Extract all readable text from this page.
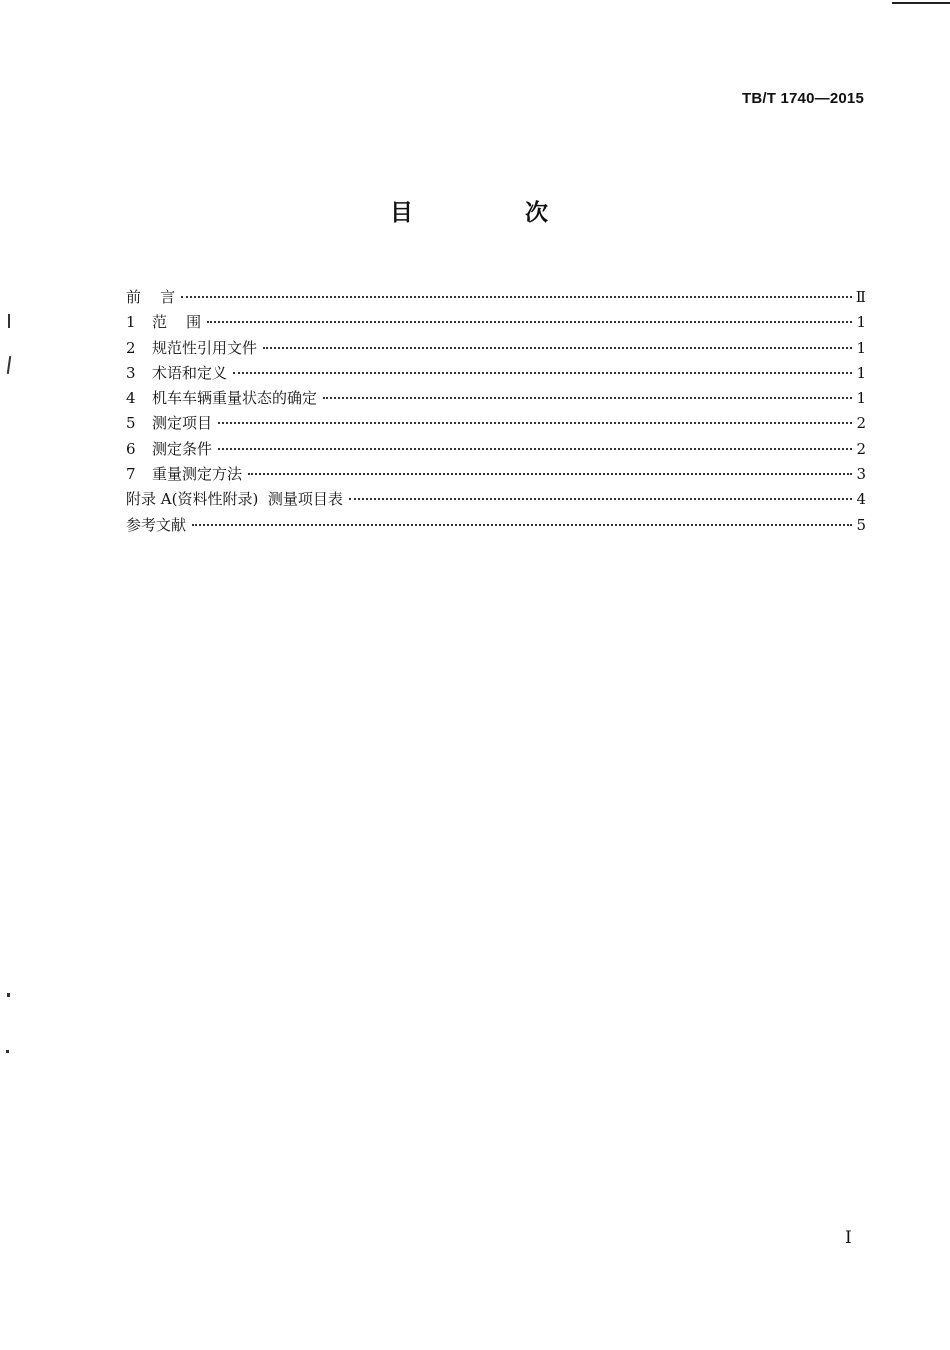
TB/T 1740—2015
目 次
前    言	Ⅱ
1	范    围	1
2	规范性引用文件	1
3	术语和定义	1
4	机车车辆重量状态的确定	1
5	测定项目	2
6	测定条件	2
7	重量测定方法	3
附录 A(资料性附录)  测量项目表	4
参考文献	5
I
